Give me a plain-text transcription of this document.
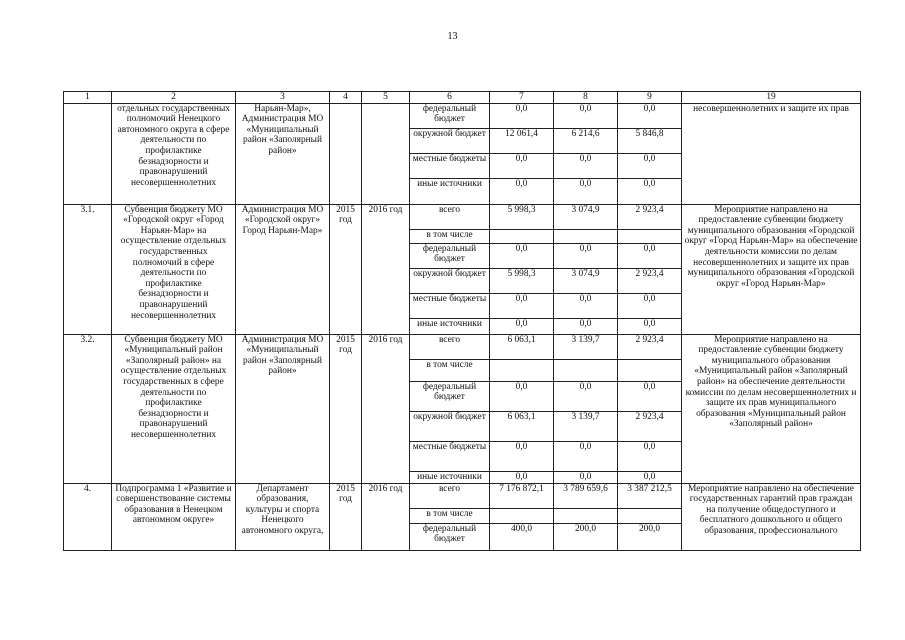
13
1	2	3	4	5	6	7	8	9	19
	отдельных государственных полномочий Ненецкого автономного округа в сфере деятельности по профилактике безнадзорности и правонарушений несовершеннолетних	Нарьян-Мар», Администрация МО «Муниципальный район «Заполярный район»			федеральный бюджет	0,0	0,0	0,0	несовершеннолетних и защите их прав
					окружной бюджет	12 061,4	6 214,6	5 846,8	
					местные бюджеты	0,0	0,0	0,0	
					иные источники	0,0	0,0	0,0	
3.1.	Субвенция бюджету МО «Городской округ «Город Нарьян-Мар» на осуществление отдельных государственных полномочий в сфере деятельности по профилактике безнадзорности и правонарушений несовершеннолетних	Администрация МО «Городской округ» Город Нарьян-Мар»	2015 год	2016 год	всего	5 998,3	3 074,9	2 923,4	Мероприятие направлено на предоставление субвенции бюджету муниципального образования «Городской округ «Город Нарьян-Мар» на обеспечение деятельности комиссии по делам несовершеннолетних и защите их прав муниципального образования «Городской округ «Город Нарьян-Мар»
					в том числе				
					федеральный бюджет	0,0	0,0	0,0	
					окружной бюджет	5 998,3	3 074,9	2 923,4	
					местные бюджеты	0,0	0,0	0,0	
					иные источники	0,0	0,0	0,0	
3.2.	Субвенция бюджету МО «Муниципальный район «Заполярный район» на осуществление отдельных государственных в сфере деятельности по профилактике безнадзорности и правонарушений несовершеннолетних	Администрация МО «Муниципальный район «Заполярный район»	2015 год	2016 год	всего	6 063,1	3 139,7	2 923,4	Мероприятие направлено на предоставление субвенции бюджету муниципального образования «Муниципальный район «Заполярный район» на обеспечение деятельности комиссии по делам несовершеннолетних и защите их прав муниципального образования «Муниципальный район «Заполярный район»
					в том числе				
					федеральный бюджет	0,0	0,0	0,0	
					окружной бюджет	6 063,1	3 139,7	2 923,4	
					местные бюджеты	0,0	0,0	0,0	
					иные источники	0,0	0,0	0,0	
4.	Подпрограмма 1 «Развитие и совершенствование системы образования в Ненецком автономном округе»	Департамент образования, культуры и спорта Ненецкого автономного округа,	2015 год	2016 год	всего	7 176 872,1	3 789 659,6	3 387 212,5	Мероприятие направлено на обеспечение государственных гарантий прав граждан на получение общедоступного и бесплатного дошкольного и общего образования, профессионального
					в том числе				
					федеральный бюджет	400,0	200,0	200,0	
